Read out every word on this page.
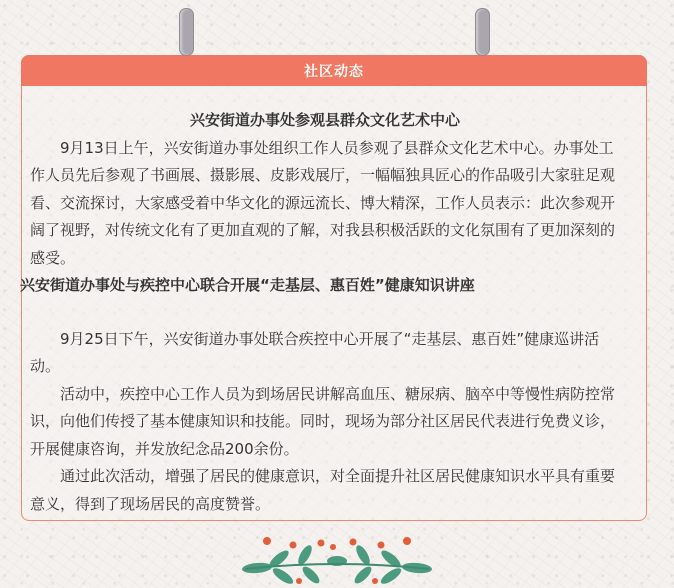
社区动态

兴安街道办事处参观县群众文化艺术中心

9月13日上午，兴安街道办事处组织工作人员参观了县群众文化艺术中心。办事处工作人员先后参观了书画展、摄影展、皮影戏展厅，一幅幅独具匠心的作品吸引大家驻足观看、交流探讨，大家感受着中华文化的源远流长、博大精深，工作人员表示：此次参观开阔了视野，对传统文化有了更加直观的了解，对我县积极活跃的文化氛围有了更加深刻的感受。

兴安街道办事处与疾控中心联合开展“走基层、惠百姓”健康知识讲座

9月25日下午，兴安街道办事处联合疾控中心开展了“走基层、惠百姓”健康巡讲活动。

活动中，疾控中心工作人员为到场居民讲解高血压、糖尿病、脑卒中等慢性病防控常识，向他们传授了基本健康知识和技能。同时，现场为部分社区居民代表进行免费义诊，开展健康咨询，并发放纪念品200余份。

通过此次活动，增强了居民的健康意识，对全面提升社区居民健康知识水平具有重要意义，得到了现场居民的高度赞誉。
